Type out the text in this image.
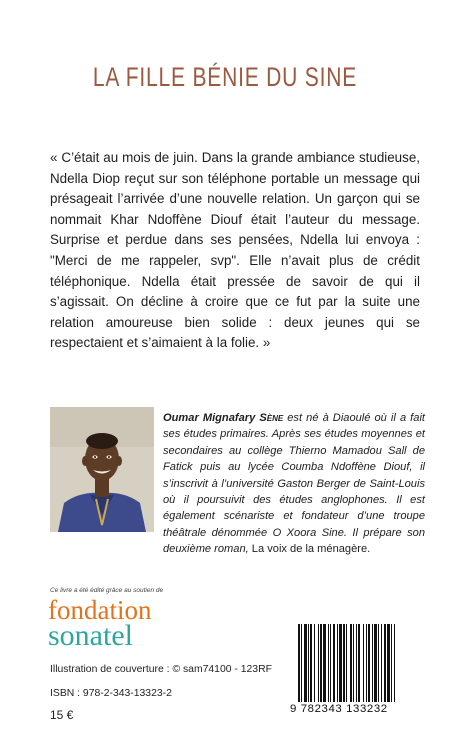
LA FILLE BÉNIE DU SINE
« C’était au mois de juin. Dans la grande ambiance studieuse, Ndella Diop reçut sur son téléphone portable un message qui présageait l’arrivée d’une nouvelle relation. Un garçon qui se nommait Khar Ndoffène Diouf était l’auteur du message. Surprise et perdue dans ses pensées, Ndella lui envoya : "Merci de me rappeler, svp". Elle n’avait plus de crédit téléphonique. Ndella était pressée de savoir de qui il s’agissait. On décline à croire que ce fut par la suite une relation amoureuse bien solide : deux jeunes qui se respectaient et s’aimaient à la folie. »
Oumar Mignafary Sène est né à Diaoulé où il a fait ses études primaires. Après ses études moyennes et secondaires au collège Thierno Mamadou Sall de Fatick puis au lycée Coumba Ndoffène Diouf, il s’inscrivit à l’université Gaston Berger de Saint-Louis où il poursuivit des études anglophones. Il est également scénariste et fondateur d’une troupe théâtrale dénommée O Xoora Sine. Il prépare son deuxième roman, La voix de la ménagère.
Ce livre a été édité grâce au soutien de
fondation
sonatel
Illustration de couverture : © sam74100 - 123RF
ISBN : 978-2-343-13323-2
15 €	9 782343 133232
